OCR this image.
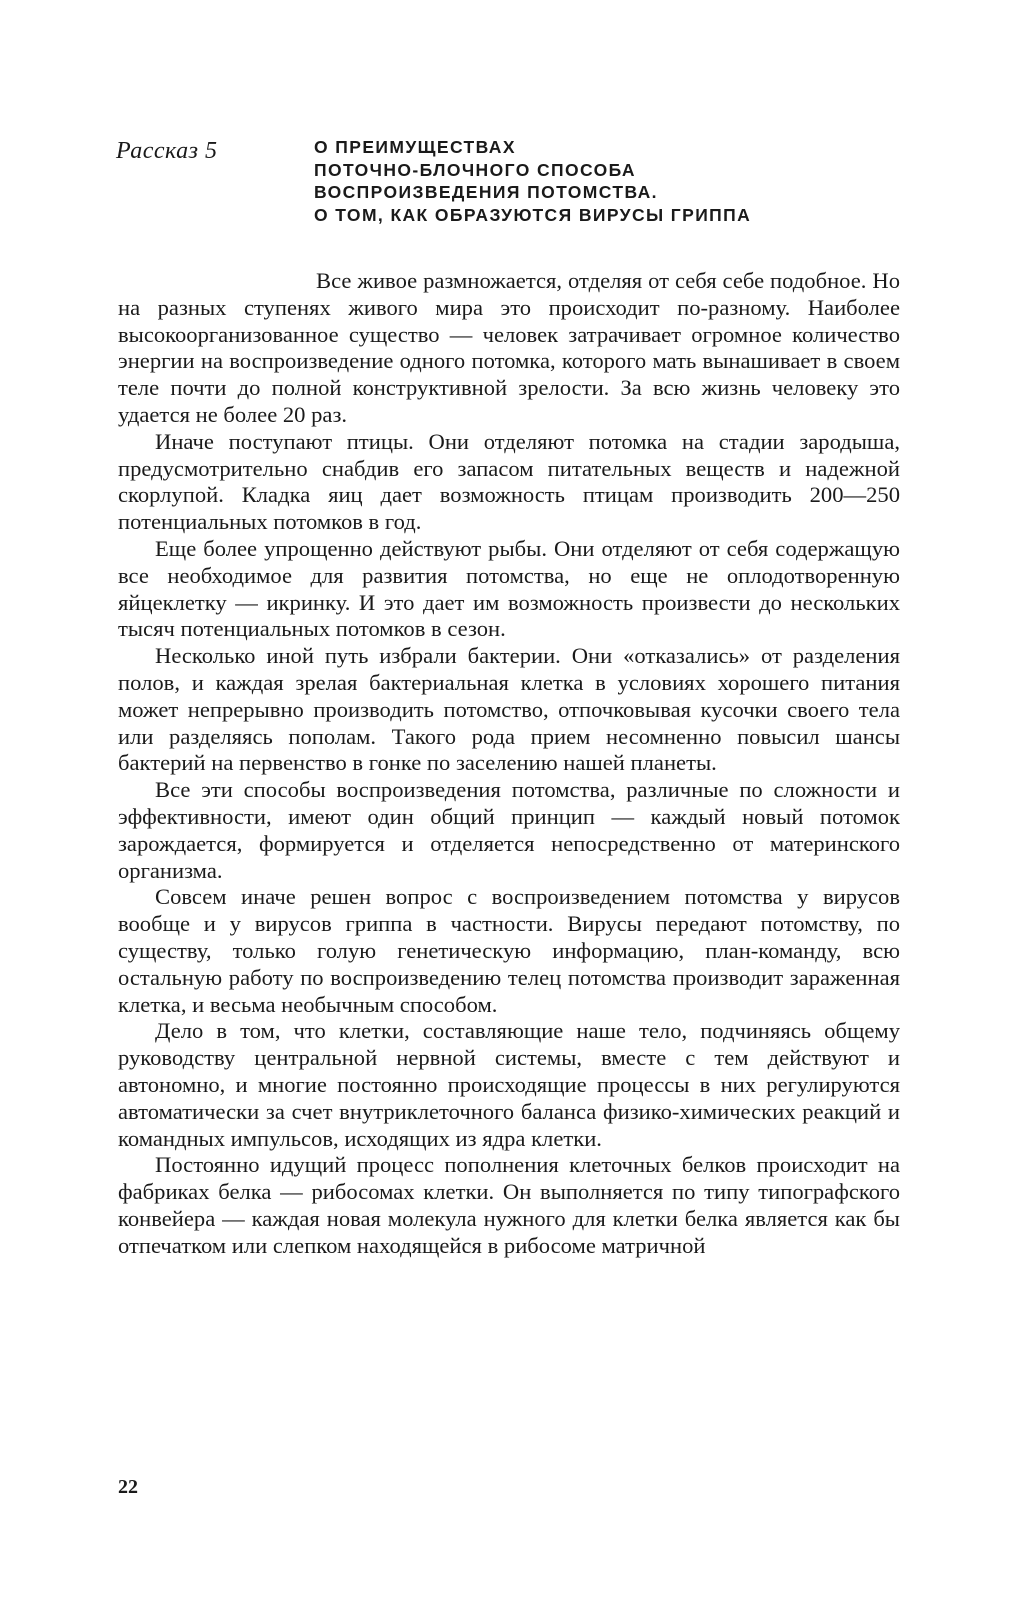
Рассказ 5	О ПРЕИМУЩЕСТВАХ
ПОТОЧНО-БЛОЧНОГО СПОСОБА
ВОСПРОИЗВЕДЕНИЯ ПОТОМСТВА.
О ТОМ, КАК ОБРАЗУЮТСЯ ВИРУСЫ ГРИППА

Все живое размножается, отделяя от себя себе подобное. Но на разных ступенях живого мира это происходит по-разному. Наиболее высокоорганизованное существо — человек затрачивает огромное количество энергии на воспроизведение одного потомка, которого мать вынашивает в своем теле почти до полной конструктивной зрелости. За всю жизнь человеку это удается не более 20 раз.

Иначе поступают птицы. Они отделяют потомка на стадии зародыша, предусмотрительно снабдив его запасом питательных веществ и надежной скорлупой. Кладка яиц дает возможность птицам производить 200—250 потенциальных потомков в год.

Еще более упрощенно действуют рыбы. Они отделяют от себя содержащую все необходимое для развития потомства, но еще не оплодотворенную яйцеклетку — икринку. И это дает им возможность произвести до нескольких тысяч потенциальных потомков в сезон.

Несколько иной путь избрали бактерии. Они «отказались» от разделения полов, и каждая зрелая бактериальная клетка в условиях хорошего питания может непрерывно производить потомство, отпочковывая кусочки своего тела или разделяясь пополам. Такого рода прием несомненно повысил шансы бактерий на первенство в гонке по заселению нашей планеты.

Все эти способы воспроизведения потомства, различные по сложности и эффективности, имеют один общий принцип — каждый новый потомок зарождается, формируется и отделяется непосредственно от материнского организма.

Совсем иначе решен вопрос с воспроизведением потомства у вирусов вообще и у вирусов гриппа в частности. Вирусы передают потомству, по существу, только голую генетическую информацию, план-команду, всю остальную работу по воспроизведению телец потомства производит зараженная клетка, и весьма необычным способом.

Дело в том, что клетки, составляющие наше тело, подчиняясь общему руководству центральной нервной системы, вместе с тем действуют и автономно, и многие постоянно происходящие процессы в них регулируются автоматически за счет внутриклеточного баланса физико-химических реакций и командных импульсов, исходящих из ядра клетки.

Постоянно идущий процесс пополнения клеточных белков происходит на фабриках белка — рибосомах клетки. Он выполняется по типу типографского конвейера — каждая новая молекула нужного для клетки белка является как бы отпечатком или слепком находящейся в рибосоме матричной

22
